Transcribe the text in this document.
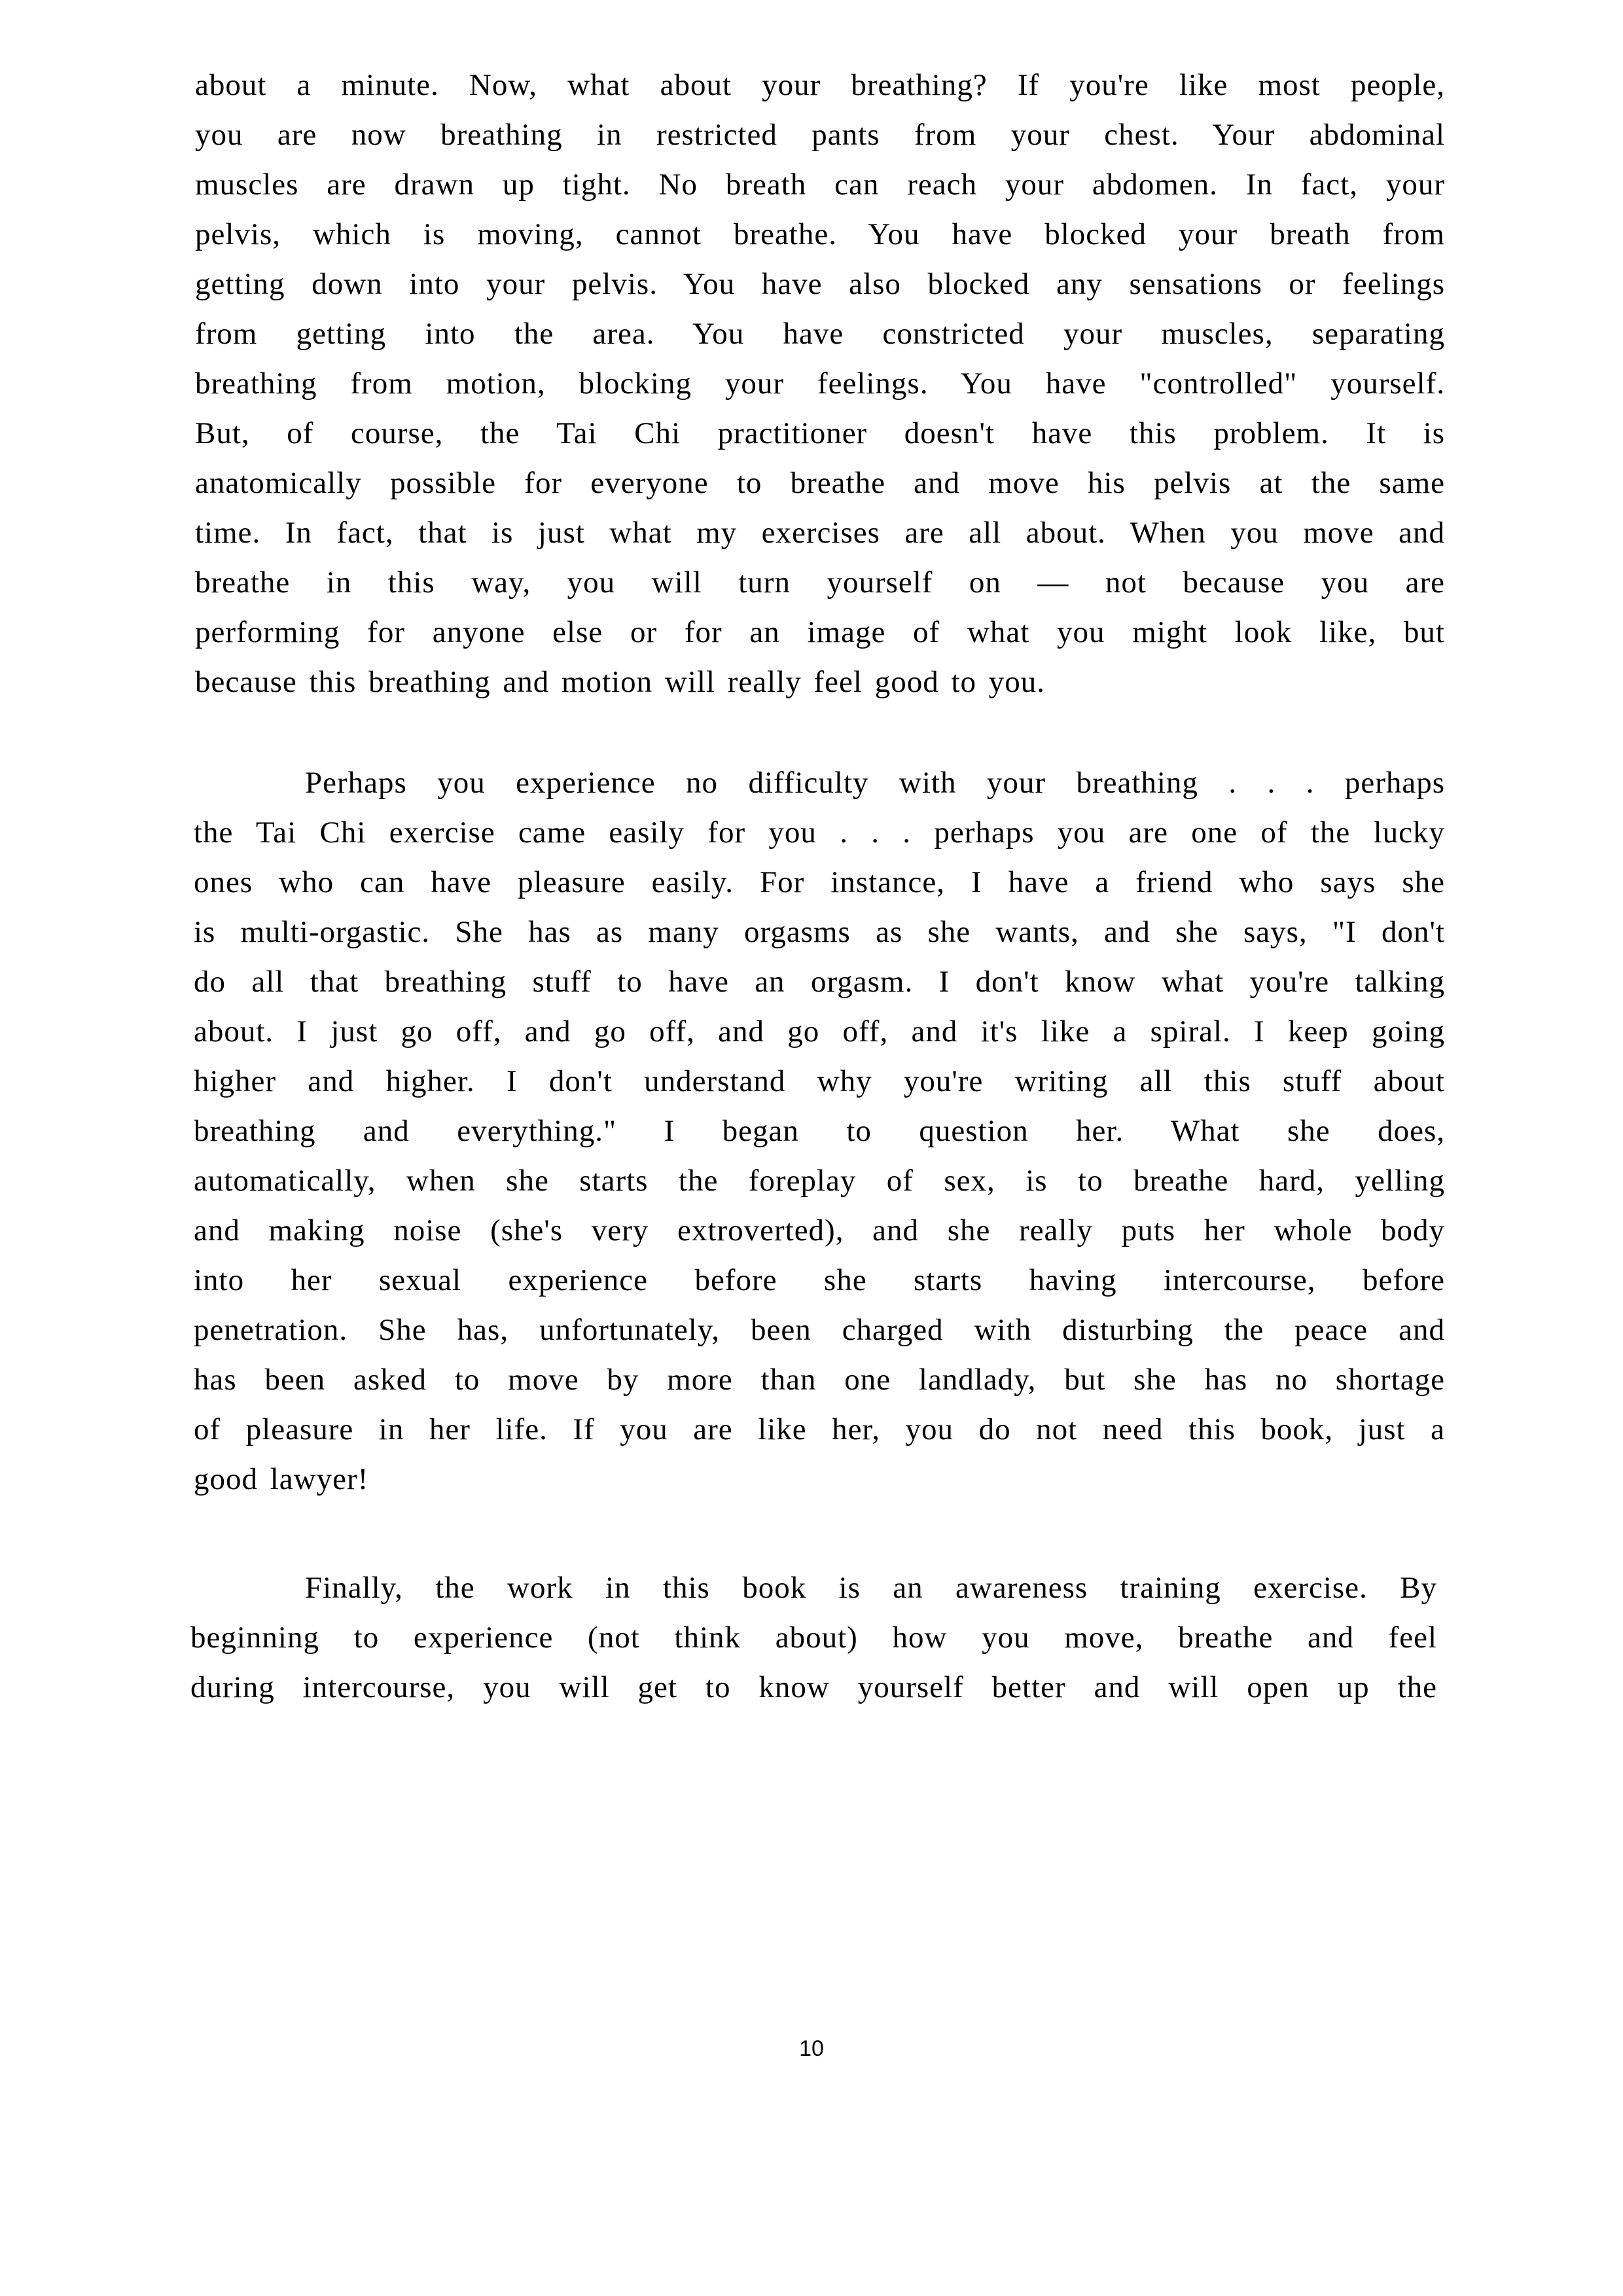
about a minute. Now, what about your breathing? If you're like most people,
you are now breathing in restricted pants from your chest. Your abdominal
muscles are drawn up tight. No breath can reach your abdomen. In fact, your
pelvis, which is moving, cannot breathe. You have blocked your breath from
getting down into your pelvis. You have also blocked any sensations or feelings
from getting into the area. You have constricted your muscles, separating
breathing from motion, blocking your feelings. You have "controlled" yourself.
But, of course, the Tai Chi practitioner doesn't have this problem. It is
anatomically possible for everyone to breathe and move his pelvis at the same
time. In fact, that is just what my exercises are all about. When you move and
breathe in this way, you will turn yourself on — not because you are
performing for anyone else or for an image of what you might look like, but
because this breathing and motion will really feel good to you.
Perhaps you experience no difficulty with your breathing . . . perhaps
the Tai Chi exercise came easily for you . . . perhaps you are one of the lucky
ones who can have pleasure easily. For instance, I have a friend who says she
is multi-orgastic. She has as many orgasms as she wants, and she says, "I don't
do all that breathing stuff to have an orgasm. I don't know what you're talking
about. I just go off, and go off, and go off, and it's like a spiral. I keep going
higher and higher. I don't understand why you're writing all this stuff about
breathing and everything." I began to question her. What she does,
automatically, when she starts the foreplay of sex, is to breathe hard, yelling
and making noise (she's very extroverted), and she really puts her whole body
into her sexual experience before she starts having intercourse, before
penetration. She has, unfortunately, been charged with disturbing the peace and
has been asked to move by more than one landlady, but she has no shortage
of pleasure in her life. If you are like her, you do not need this book, just a
good lawyer!
Finally, the work in this book is an awareness training exercise. By
beginning to experience (not think about) how you move, breathe and feel
during intercourse, you will get to know yourself better and will open up the
10
